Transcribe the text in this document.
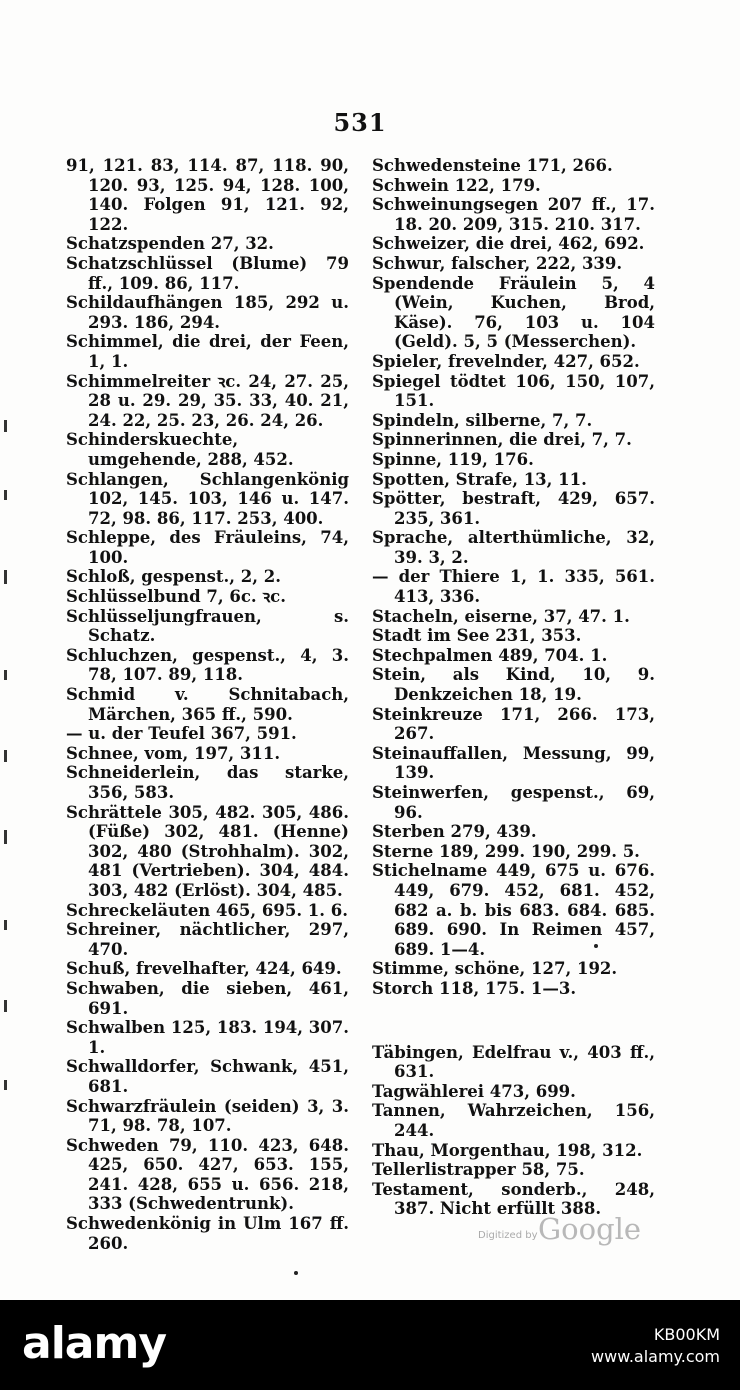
531

91, 121. 83, 114. 87, 118. 90, 120. 93, 125. 94, 128. 100, 140. Folgen 91, 121. 92, 122.

Schatzspenden 27, 32.

Schatzschlüssel (Blume) 79 ff., 109. 86, 117.

Schildaufhängen 185, 292 u. 293. 186, 294.

Schimmel, die drei, der Feen, 1, 1.

Schimmelreiter ꝛc. 24, 27. 25, 28 u. 29. 29, 35. 33, 40. 21, 24. 22, 25. 23, 26. 24, 26.

Schinderskuechte, umgehende, 288, 452.

Schlangen, Schlangenkönig 102, 145. 103, 146 u. 147. 72, 98. 86, 117. 253, 400.

Schleppe, des Fräuleins, 74, 100.

Schloß, gespenst., 2, 2.

Schlüsselbund 7, 6c. ꝛc.

Schlüsseljungfrauen, s. Schatz.

Schluchzen, gespenst., 4, 3. 78, 107. 89, 118.

Schmid v. Schnitabach, Märchen, 365 ff., 590.

— u. der Teufel 367, 591.

Schnee, vom, 197, 311.

Schneiderlein, das starke, 356, 583.

Schrättele 305, 482. 305, 486. (Füße) 302, 481. (Henne) 302, 480 (Strohhalm). 302, 481 (Vertrieben). 304, 484. 303, 482 (Erlöst). 304, 485.

Schreckeläuten 465, 695. 1. 6.

Schreiner, nächtlicher, 297, 470.

Schuß, frevelhafter, 424, 649.

Schwaben, die sieben, 461, 691.

Schwalben 125, 183. 194, 307. 1.

Schwalldorfer, Schwank, 451, 681.

Schwarzfräulein (seiden) 3, 3. 71, 98. 78, 107.

Schweden 79, 110. 423, 648. 425, 650. 427, 653. 155, 241. 428, 655 u. 656. 218, 333 (Schwedentrunk).

Schwedenkönig in Ulm 167 ff. 260.

Schwedensteine 171, 266.

Schwein 122, 179.

Schweinungsegen 207 ff., 17. 18. 20. 209, 315. 210. 317.

Schweizer, die drei, 462, 692.

Schwur, falscher, 222, 339.

Spendende Fräulein 5, 4 (Wein, Kuchen, Brod, Käse). 76, 103 u. 104 (Geld). 5, 5 (Messerchen).

Spieler, frevelnder, 427, 652.

Spiegel tödtet 106, 150, 107, 151.

Spindeln, silberne, 7, 7.

Spinnerinnen, die drei, 7, 7.

Spinne, 119, 176.

Spotten, Strafe, 13, 11.

Spötter, bestraft, 429, 657. 235, 361.

Sprache, alterthümliche, 32, 39. 3, 2.

— der Thiere 1, 1. 335, 561. 413, 336.

Stacheln, eiserne, 37, 47. 1.

Stadt im See 231, 353.

Stechpalmen 489, 704. 1.

Stein, als Kind, 10, 9. Denkzeichen 18, 19.

Steinkreuze 171, 266. 173, 267.

Steinauffallen, Messung, 99, 139.

Steinwerfen, gespenst., 69, 96.

Sterben 279, 439.

Sterne 189, 299. 190, 299. 5.

Stichelname 449, 675 u. 676. 449, 679. 452, 681. 452, 682 a. b. bis 683. 684. 685. 689. 690. In Reimen 457, 689. 1—4.

Stimme, schöne, 127, 192.

Storch 118, 175. 1—3.

Täbingen, Edelfrau v., 403 ff., 631.

Tagwählerei 473, 699.

Tannen, Wahrzeichen, 156, 244.

Thau, Morgenthau, 198, 312.

Tellerlistrapper 58, 75.

Testament, sonderb., 248, 387. Nicht erfüllt 388.

Digitized by Google
alamy	KB00KM
www.alamy.com
